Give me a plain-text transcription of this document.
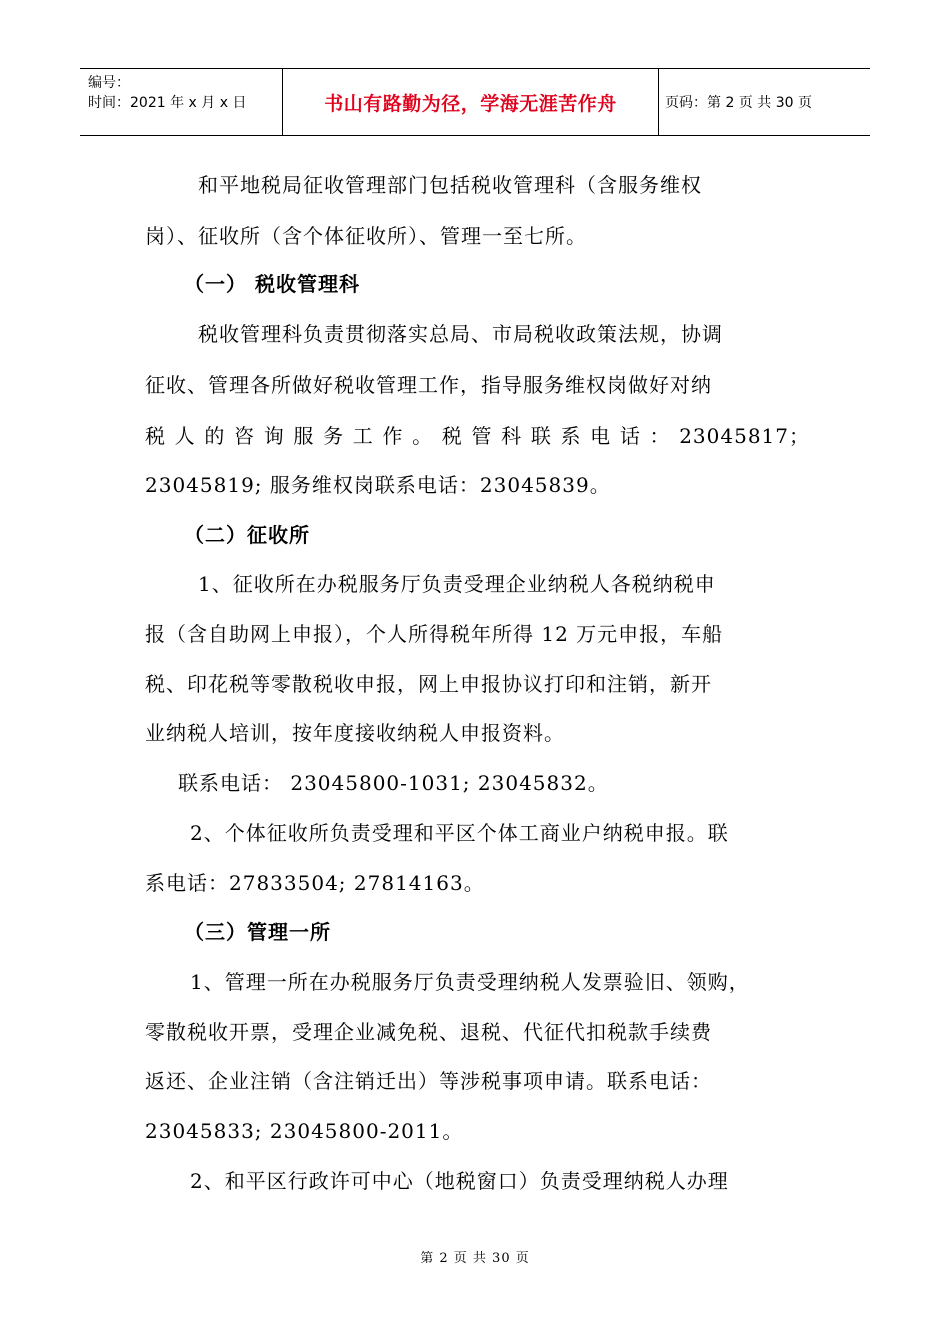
编号：
时间：2021 年 x 月 x 日	书山有路勤为径，学海无涯苦作舟	页码：第 2 页 共 30 页
和平地税局征收管理部门包括税收管理科（含服务维权
岗）、征收所（含个体征收所）、管理一至七所。
（一） 税收管理科
税收管理科负责贯彻落实总局、市局税收政策法规，协调
征收、管理各所做好税收管理工作，指导服务维权岗做好对纳
税人的咨询服务工作。税管科联系电话：23045817；
23045819; 服务维权岗联系电话：23045839。
（二）征收所
1、征收所在办税服务厅负责受理企业纳税人各税纳税申
报（含自助网上申报），个人所得税年所得 12 万元申报，车船
税、印花税等零散税收申报，网上申报协议打印和注销，新开
业纳税人培训，按年度接收纳税人申报资料。
联系电话： 23045800-1031; 23045832。
2、个体征收所负责受理和平区个体工商业户纳税申报。联
系电话：27833504; 27814163。
（三）管理一所
1、管理一所在办税服务厅负责受理纳税人发票验旧、领购，
零散税收开票，受理企业减免税、退税、代征代扣税款手续费
返还、企业注销（含注销迁出）等涉税事项申请。联系电话：
23045833; 23045800-2011。
2、和平区行政许可中心（地税窗口）负责受理纳税人办理
第 2 页 共 30 页
